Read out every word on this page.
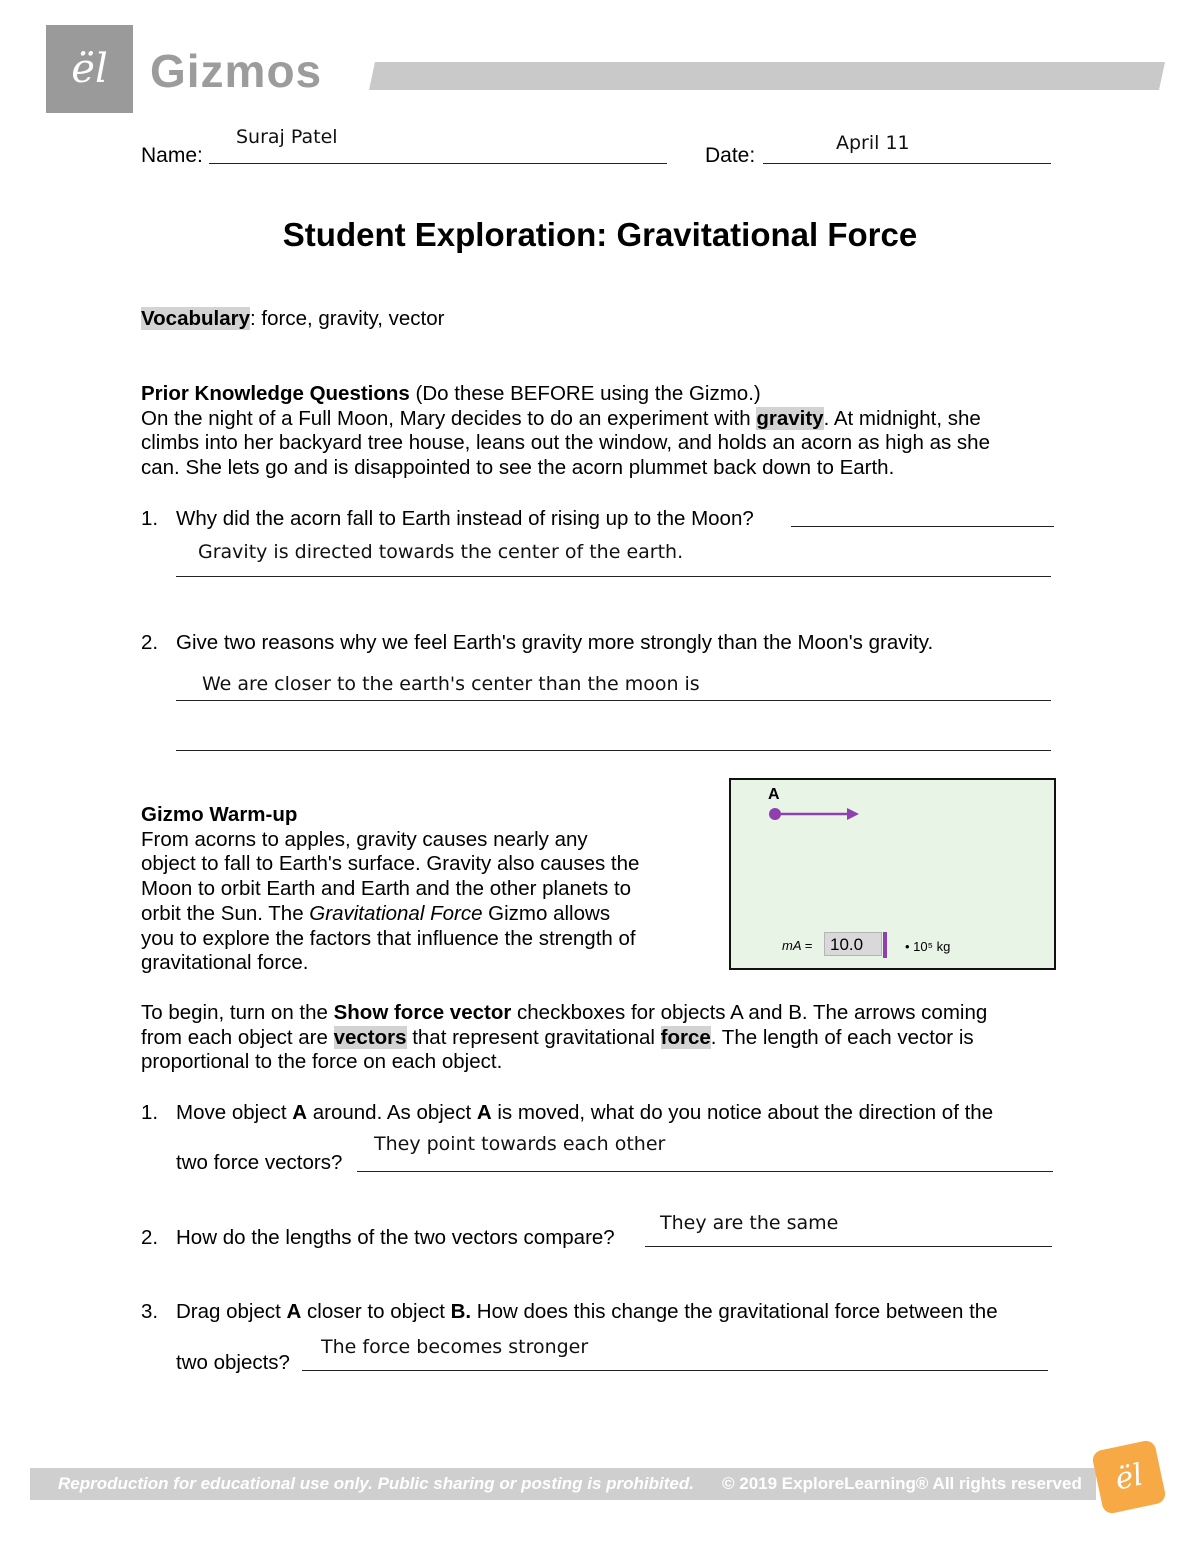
ël Gizmos
Name:
Suraj Patel
Date:
April 11
Student Exploration: Gravitational Force
Vocabulary: force, gravity, vector
Prior Knowledge Questions (Do these BEFORE using the Gizmo.)
On the night of a Full Moon, Mary decides to do an experiment with gravity. At midnight, she
climbs into her backyard tree house, leans out the window, and holds an acorn as high as she
can. She lets go and is disappointed to see the acorn plummet back down to Earth.
1. Why did the acorn fall to Earth instead of rising up to the Moon?
Gravity is directed towards the center of the earth.
2. Give two reasons why we feel Earth's gravity more strongly than the Moon's gravity.
We are closer to the earth's center than the moon is
Gizmo Warm-up
From acorns to apples, gravity causes nearly any
object to fall to Earth's surface. Gravity also causes the
Moon to orbit Earth and Earth and the other planets to
orbit the Sun. The Gravitational Force Gizmo allows
you to explore the factors that influence the strength of
gravitational force.
A
mA =	• 10⁵ kg
10.0
To begin, turn on the Show force vector checkboxes for objects A and B. The arrows coming
from each object are vectors that represent gravitational force. The length of each vector is
proportional to the force on each object.
1. Move object A around. As object A is moved, what do you notice about the direction of the
They point towards each other
two force vectors?
2. How do the lengths of the two vectors compare?
They are the same
3. Drag object A closer to object B. How does this change the gravitational force between the
The force becomes stronger
two objects?
Reproduction for educational use only. Public sharing or posting is prohibited. © 2019 ExploreLearning® All rights reserved	ël
